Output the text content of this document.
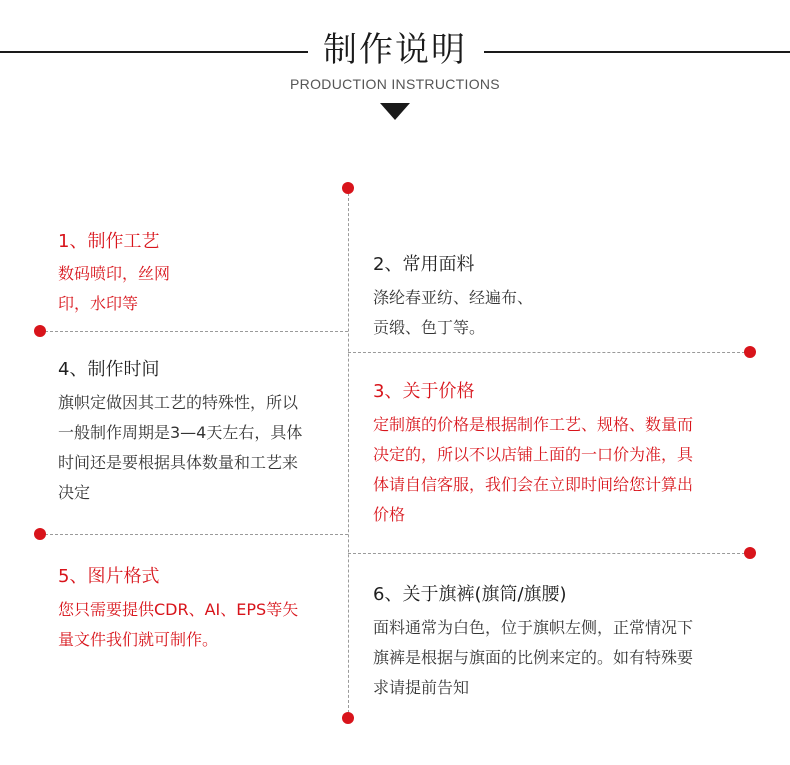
制作说明
PRODUCTION INSTRUCTIONS
1、制作工艺

数码喷印，丝网

印，水印等

2、常用面料

涤纶春亚纺、经遍布、

贡缎、色丁等。

4、制作时间

旗帜定做因其工艺的特殊性，所以

一般制作周期是3—4天左右，具体

时间还是要根据具体数量和工艺来

决定

3、关于价格

定制旗的价格是根据制作工艺、规格、数量而

决定的，所以不以店铺上面的一口价为准，具

体请自信客服，我们会在立即时间给您计算出

价格

5、图片格式

您只需要提供CDR、AI、EPS等矢

量文件我们就可制作。

6、关于旗裤(旗筒/旗腰)

面料通常为白色，位于旗帜左侧，正常情况下

旗裤是根据与旗面的比例来定的。如有特殊要

求请提前告知
